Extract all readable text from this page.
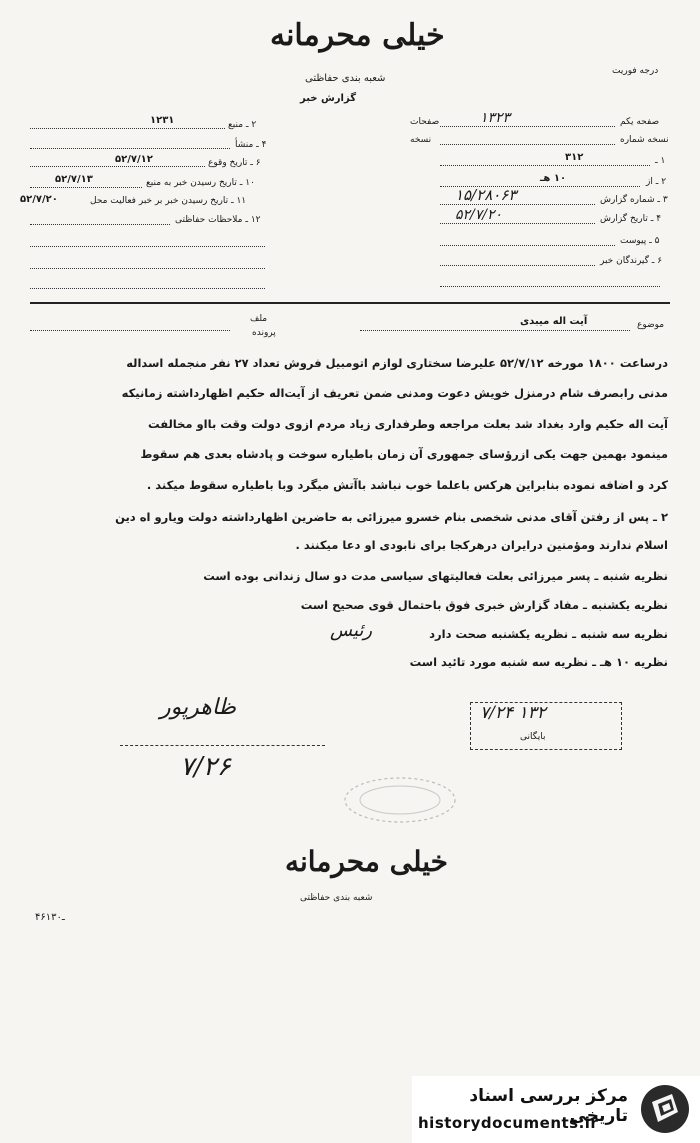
خیلی محرمانه
شعبه بندی حفاظتی
گزارش خبر
درجه فوریت
۲ ـ منبع
۱۲۳۱
۴ ـ منشأ
۶ ـ تاریخ وقوع
۵۲/۷/۱۲
۱۰ ـ تاریخ رسیدن خبر به منبع
۵۲/۷/۱۳
۱۱ ـ تاریخ رسیدن خبر بر خبر فعالیت محل
۵۲/۷/۲۰
۱۲ ـ ملاحظات حفاظتی
صفحه یکم
صفحات	۱۳۲۳
نسخه شماره
نسخه
۱ ـ
۳۱۲
۲ ـ از
۱۰ هـ
۳ ـ شماره گزارش
۱۵/۲۸۰۶۳
۴ ـ تاریخ گزارش
۵۲/۷/۲۰
۵ ـ پیوست
۶ ـ گیرندگان خبر
موضوع
آیت اله میبدی
ملف
پرونده
درساعت ۱۸۰۰ مورخه ۵۲/۷/۱۲ علیرضا سختاری لوازم اتومبیل فروش تعداد ۲۷ نفر منجمله اسداله
مدنی رابصرف شام درمنزل خویش دعوت ومدنی ضمن تعریف از آیت‌اله حکیم اظهارداشته زمانیکه
آیت اله حکیم وارد بغداد شد بعلت مراجعه وطرفداری زیاد مردم ازوی دولت وقت بااو مخالفت
مینمود بهمین جهت یکی ازرؤسای جمهوری آن زمان باطیاره سوخت و پادشاه بعدی هم سقوط
کرد و اضافه نموده بنابراین هرکس باعلما خوب نباشد باآتش میگرد وبا باطیاره سقوط میکند .
۲ ـ پس از رفتن آقای مدنی شخصی بنام خسرو میرزائی به حاضرین اظهارداشته دولت ویارو اه دین
اسلام ندارند ومؤمنین درایران درهرکجا برای نابودی او دعا میکنند .
نظریه شنبه ـ پسر میرزائی بعلت فعالیتهای سیاسی مدت دو سال زندانی بوده است
نظریه یکشنبه ـ مفاد گزارش خبری فوق باحتمال قوی صحیح است
نظریه سه شنبه ـ نظریه یکشنبه صحت دارد
نظریه ۱۰ هـ ـ نظریه سه شنبه مورد تائید است
رئیس
ظاهرپور
۷/۲۶
۱۳۲ ۷/۲۴
بایگانی
خیلی محرمانه
شعبه بندی حفاظتی
۴۶ـ۱۳۰
مرکز بررسی اسناد تاریخی
historydocuments.ir
